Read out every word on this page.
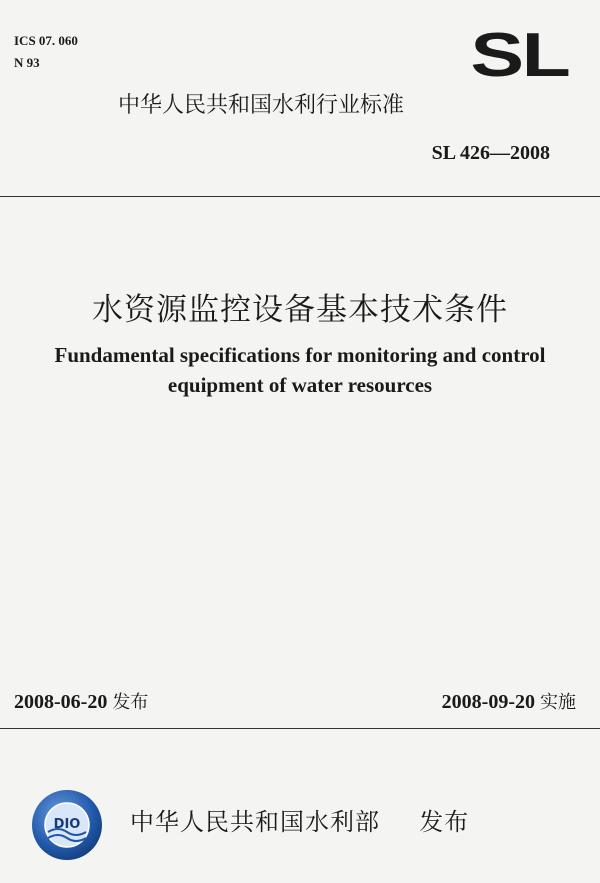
ICS 07. 060
N 93	SL
中华人民共和国水利行业标准
SL 426—2008
水资源监控设备基本技术条件
Fundamental specifications for monitoring and control
equipment of water resources
2008-06-20 发布	2008-09-20 实施
DIO 中华人民共和国水利部 发布
